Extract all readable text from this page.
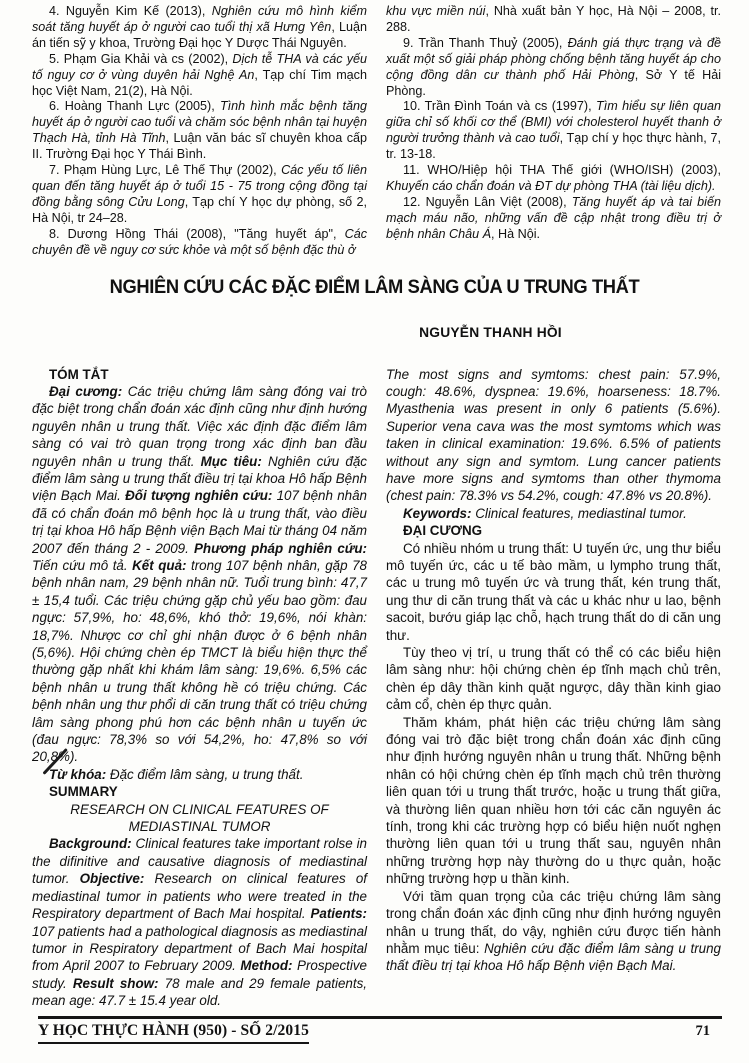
4. Nguyễn Kim Kế (2013), Nghiên cứu mô hình kiểm soát tăng huyết áp ở người cao tuổi thị xã Hưng Yên, Luận án tiến sỹ y khoa, Trường Đại học Y Dược Thái Nguyên.

5. Phạm Gia Khải và cs (2002), Dịch tễ THA và các yếu tố nguy cơ ở vùng duyên hải Nghệ An, Tạp chí Tim mạch học Việt Nam, 21(2), Hà Nội.

6. Hoàng Thanh Lực (2005), Tình hình mắc bệnh tăng huyết áp ở người cao tuổi và chăm sóc bệnh nhân tại huyện Thạch Hà, tỉnh Hà Tĩnh, Luận văn bác sĩ chuyên khoa cấp II. Trường Đại học Y Thái Bình.

7. Phạm Hùng Lực, Lê Thế Thự (2002), Các yếu tố liên quan đến tăng huyết áp ở tuổi 15 - 75 trong cộng đồng tại đồng bằng sông Cửu Long, Tạp chí Y học dự phòng, số 2, Hà Nội, tr 24–28.

8. Dương Hồng Thái (2008), "Tăng huyết áp", Các chuyên đề về nguy cơ sức khỏe và một số bệnh đặc thù ở

khu vực miền núi, Nhà xuất bản Y học, Hà Nội – 2008, tr. 288.

9. Trần Thanh Thuỷ (2005), Đánh giá thực trạng và đề xuất một số giải pháp phòng chống bệnh tăng huyết áp cho cộng đồng dân cư thành phố Hải Phòng, Sở Y tế Hải Phòng.

10. Trần Đình Toán và cs (1997), Tìm hiểu sự liên quan giữa chỉ số khối cơ thể (BMI) với cholesterol huyết thanh ở người trưởng thành và cao tuổi, Tạp chí y học thực hành, 7, tr. 13-18.

11. WHO/Hiệp hội THA Thế giới (WHO/ISH) (2003), Khuyến cáo chẩn đoán và ĐT dự phòng THA (tài liệu dịch).

12. Nguyễn Lân Việt (2008), Tăng huyết áp và tai biến mạch máu não, những vấn đề cập nhật trong điều trị ở bệnh nhân Châu Á, Hà Nội.

NGHIÊN CỨU CÁC ĐẶC ĐIỂM LÂM SÀNG CỦA U TRUNG THẤT
NGUYỄN THANH HỒI

TÓM TẮT

Đại cương: Các triệu chứng lâm sàng đóng vai trò đặc biệt trong chẩn đoán xác định cũng như định hướng nguyên nhân u trung thất. Việc xác định đặc điểm lâm sàng có vai trò quan trọng trong xác định ban đầu nguyên nhân u trung thất. Mục tiêu: Nghiên cứu đặc điểm lâm sàng u trung thất điều trị tại khoa Hô hấp Bệnh viện Bạch Mai. Đối tượng nghiên cứu: 107 bệnh nhân đã có chẩn đoán mô bệnh học là u trung thất, vào điều trị tại khoa Hô hấp Bệnh viện Bạch Mai từ tháng 04 năm 2007 đến tháng 2 - 2009. Phương pháp nghiên cứu: Tiến cứu mô tả. Kết quả: trong 107 bệnh nhân, gặp 78 bệnh nhân nam, 29 bệnh nhân nữ. Tuổi trung bình: 47,7 ± 15,4 tuổi. Các triệu chứng gặp chủ yếu bao gồm: đau ngực: 57,9%, ho: 48,6%, khó thở: 19,6%, nói khàn: 18,7%. Nhược cơ chỉ ghi nhận được ở 6 bệnh nhân (5,6%). Hội chứng chèn ép TMCT là biểu hiện thực thể thường gặp nhất khi khám lâm sàng: 19,6%. 6,5% các bệnh nhân u trung thất không hề có triệu chứng. Các bệnh nhân ung thư phổi di căn trung thất có triệu chứng lâm sàng phong phú hơn các bệnh nhân u tuyến ức (đau ngực: 78,3% so với 54,2%, ho: 47,8% so với 20,8%).

Từ khóa: Đặc điểm lâm sàng, u trung thất.

SUMMARY

RESEARCH ON CLINICAL FEATURES OF MEDIASTINAL TUMOR

Background: Clinical features take important rolse in the difinitive and causative diagnosis of mediastinal tumor. Objective: Research on clinical features of mediastinal tumor in patients who were treated in the Respiratory department of Bach Mai hospital. Patients: 107 patients had a pathological diagnosis as mediastinal tumor in Respiratory department of Bach Mai hospital from April 2007 to February 2009. Method: Prospective study. Result show: 78 male and 29 female patients, mean age: 47.7 ± 15.4 year old.

The most signs and symtoms: chest pain: 57.9%, cough: 48.6%, dyspnea: 19.6%, hoarseness: 18.7%. Myasthenia was present in only 6 patients (5.6%). Superior vena cava was the most symtoms which was taken in clinical examination: 19.6%. 6.5% of patients without any sign and symtom. Lung cancer patients have more signs and symtoms than other thymoma (chest pain: 78.3% vs 54.2%, cough: 47.8% vs 20.8%).

Keywords: Clinical features, mediastinal tumor.

ĐẠI CƯƠNG

Có nhiều nhóm u trung thất: U tuyến ức, ung thư biểu mô tuyến ức, các u tế bào mầm, u lympho trung thất, các u trung mô tuyến ức và trung thất, kén trung thất, ung thư di căn trung thất và các u khác như u lao, bệnh sacoit, bướu giáp lạc chỗ, hạch trung thất do di căn ung thư.

Tùy theo vị trí, u trung thất có thể có các biểu hiện lâm sàng như: hội chứng chèn ép tĩnh mạch chủ trên, chèn ép dây thần kinh quặt ngược, dây thần kinh giao cảm cổ, chèn ép thực quản.

Thăm khám, phát hiện các triệu chứng lâm sàng đóng vai trò đặc biệt trong chẩn đoán xác định cũng như định hướng nguyên nhân u trung thất. Những bệnh nhân có hội chứng chèn ép tĩnh mạch chủ trên thường liên quan tới u trung thất trước, hoặc u trung thất giữa, và thường liên quan nhiều hơn tới các căn nguyên ác tính, trong khi các trường hợp có biểu hiện nuốt nghẹn thường liên quan tới u trung thất sau, nguyên nhân những trường hợp này thường do u thực quản, hoặc những trường hợp u thần kinh.

Với tầm quan trọng của các triệu chứng lâm sàng trong chẩn đoán xác định cũng như định hướng nguyên nhân u trung thất, do vậy, nghiên cứu được tiến hành nhằm mục tiêu: Nghiên cứu đặc điểm lâm sàng u trung thất điều trị tại khoa Hô hấp Bệnh viện Bạch Mai.

Y HỌC THỰC HÀNH (950) - SỐ 2/2015	71
